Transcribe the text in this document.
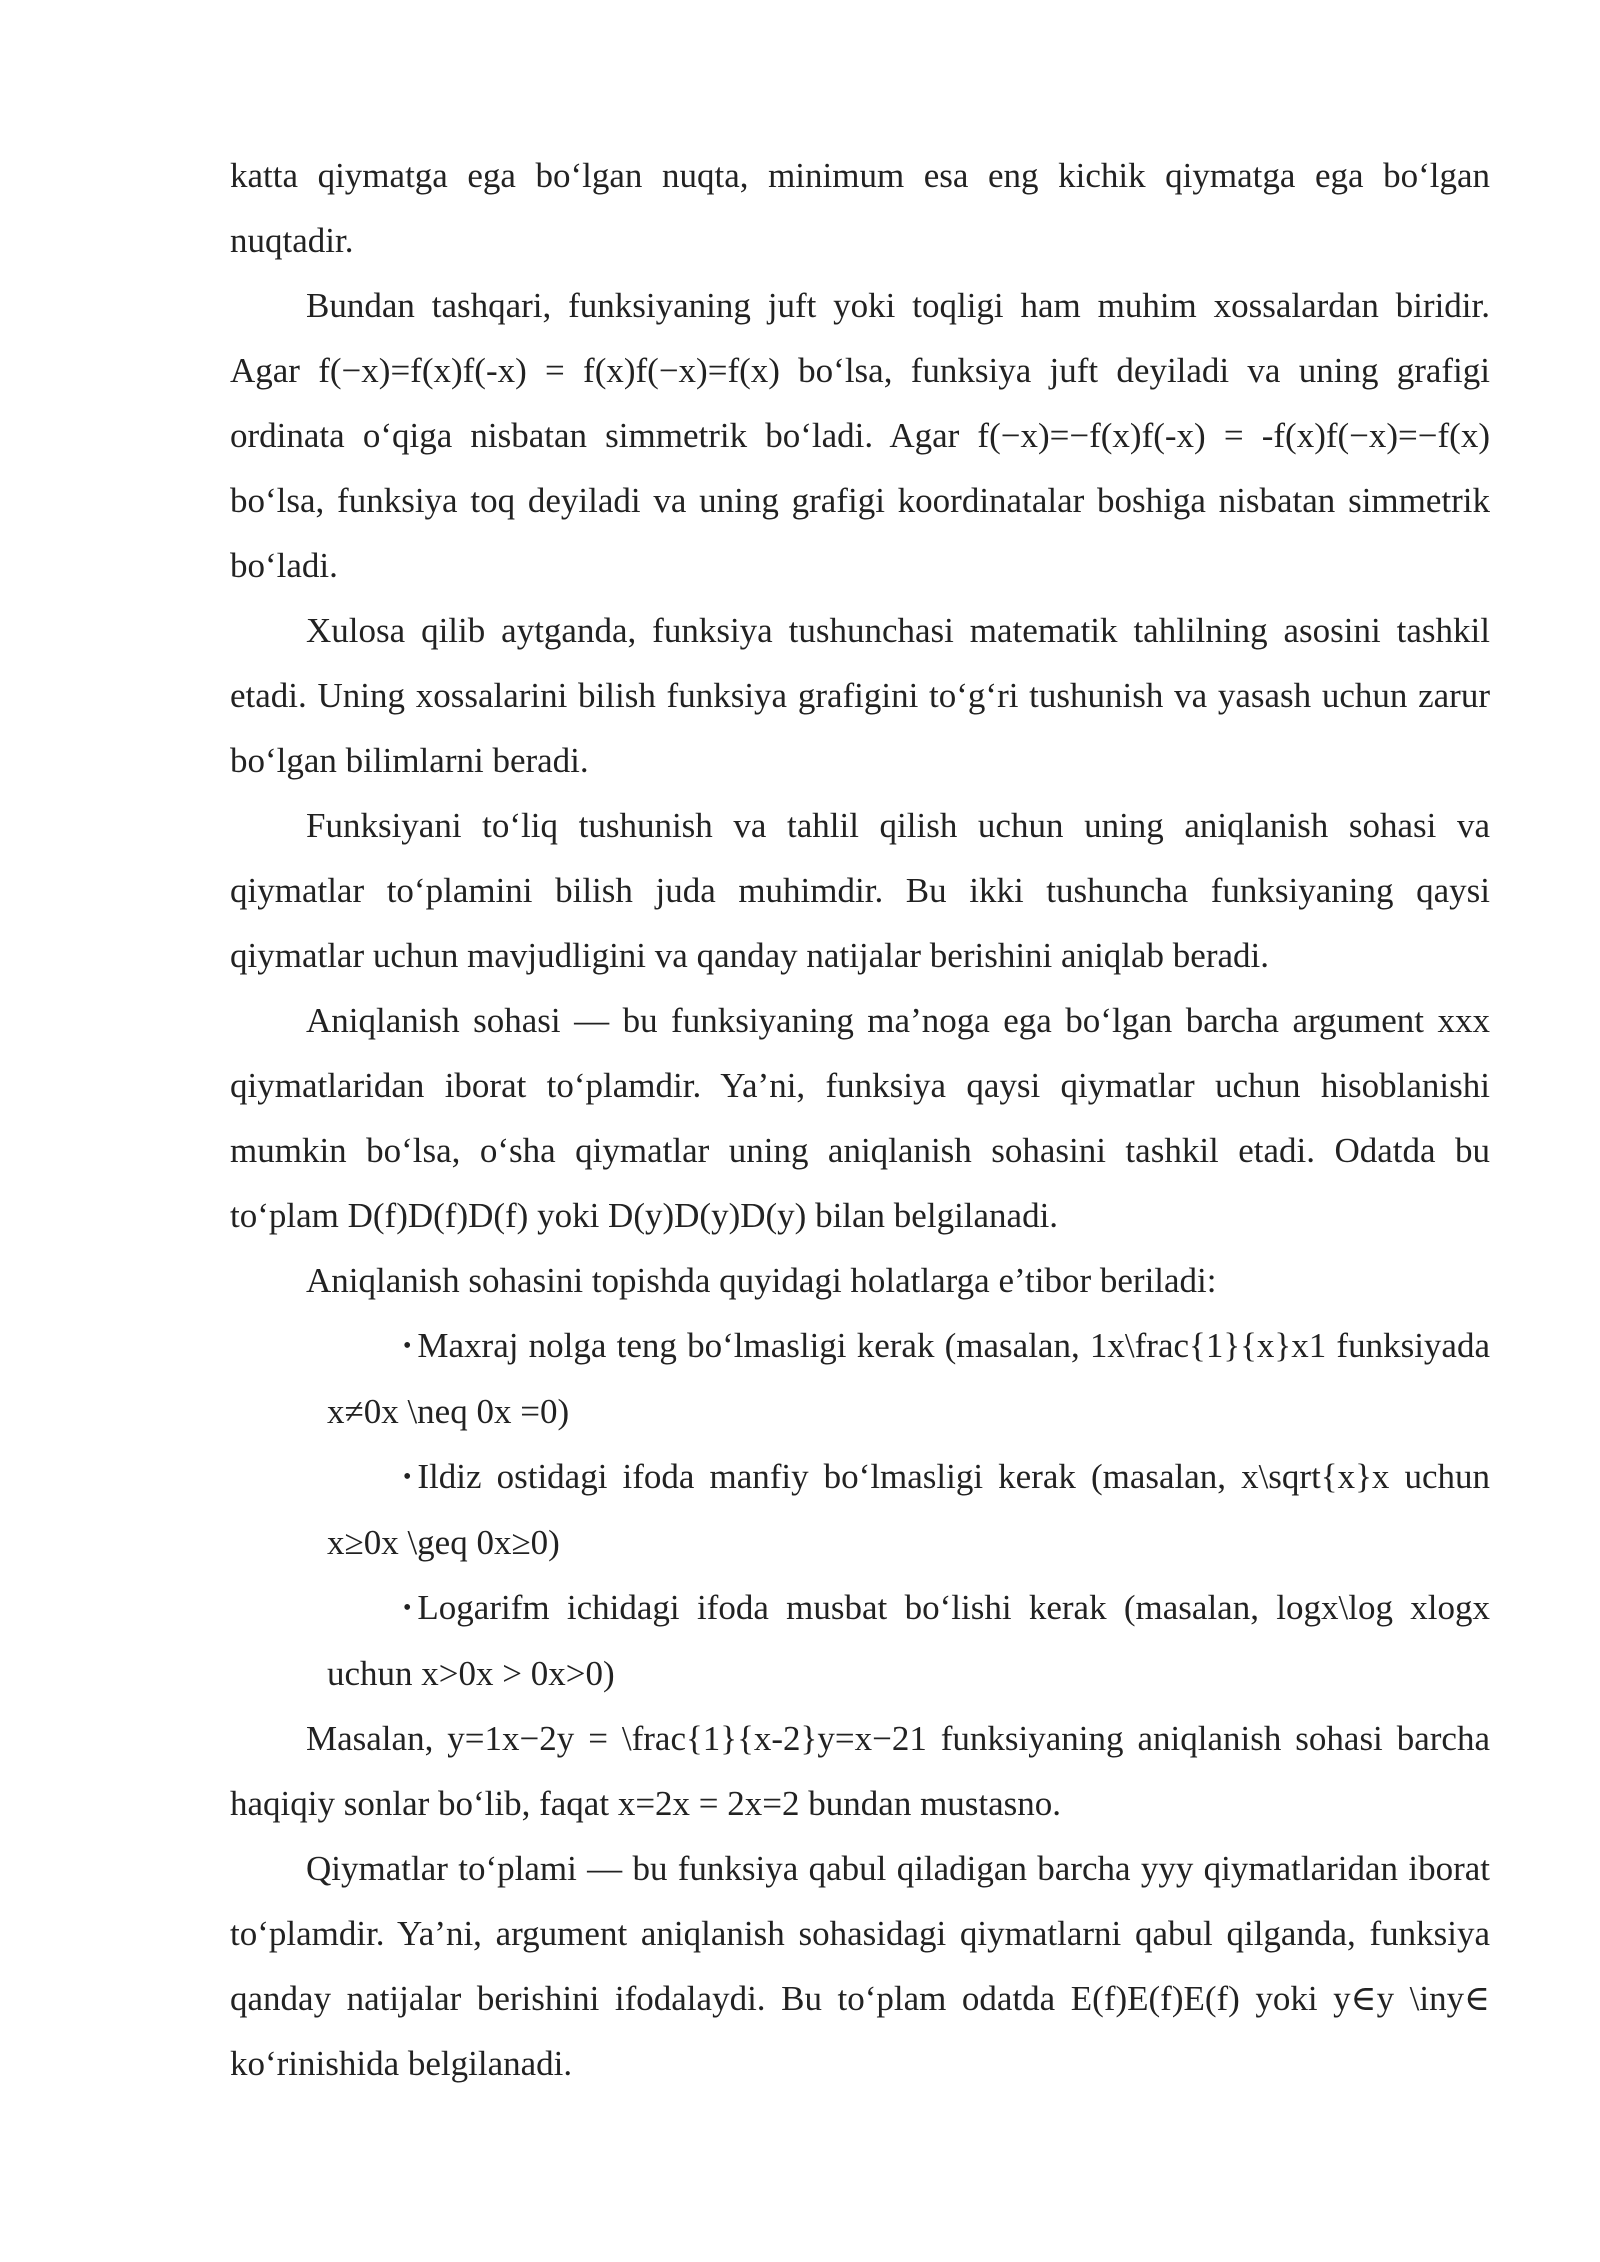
katta qiymatga ega bo‘lgan nuqta, minimum esa eng kichik qiymatga ega bo‘lgan nuqtadir.

Bundan tashqari, funksiyaning juft yoki toqligi ham muhim xossalardan biridir. Agar f(−x)=f(x)f(-x) = f(x)f(−x)=f(x) bo‘lsa, funksiya juft deyiladi va uning grafigi ordinata o‘qiga nisbatan simmetrik bo‘ladi. Agar f(−x)=−f(x)f(-x) = -f(x)f(−x)=−f(x) bo‘lsa, funksiya toq deyiladi va uning grafigi koordinatalar boshiga nisbatan simmetrik bo‘ladi.

Xulosa qilib aytganda, funksiya tushunchasi matematik tahlilning asosini tashkil etadi. Uning xossalarini bilish funksiya grafigini to‘g‘ri tushunish va yasash uchun zarur bo‘lgan bilimlarni beradi.

Funksiyani to‘liq tushunish va tahlil qilish uchun uning aniqlanish sohasi va qiymatlar to‘plamini bilish juda muhimdir. Bu ikki tushuncha funksiyaning qaysi qiymatlar uchun mavjudligini va qanday natijalar berishini aniqlab beradi.

Aniqlanish sohasi — bu funksiyaning ma’noga ega bo‘lgan barcha argument xxx qiymatlaridan iborat to‘plamdir. Ya’ni, funksiya qaysi qiymatlar uchun hisoblanishi mumkin bo‘lsa, o‘sha qiymatlar uning aniqlanish sohasini tashkil etadi. Odatda bu to‘plam D(f)D(f)D(f) yoki D(y)D(y)D(y) bilan belgilanadi.

Aniqlanish sohasini topishda quyidagi holatlarga e’tibor beriladi:

• Maxraj nolga teng bo‘lmasligi kerak (masalan, 1x\frac{1}{x}x1 funksiyada x≠0x \neq 0x =0)

• Ildiz ostidagi ifoda manfiy bo‘lmasligi kerak (masalan, x\sqrt{x}x uchun x≥0x \geq 0x≥0)

• Logarifm ichidagi ifoda musbat bo‘lishi kerak (masalan, logx\log xlogx uchun x>0x > 0x>0)

Masalan, y=1x−2y = \frac{1}{x-2}y=x−21 funksiyaning aniqlanish sohasi barcha haqiqiy sonlar bo‘lib, faqat x=2x = 2x=2 bundan mustasno.

Qiymatlar to‘plami — bu funksiya qabul qiladigan barcha yyy qiymatlaridan iborat to‘plamdir. Ya’ni, argument aniqlanish sohasidagi qiymatlarni qabul qilganda, funksiya qanday natijalar berishini ifodalaydi. Bu to‘plam odatda E(f)E(f)E(f) yoki y∈y \iny∈ ko‘rinishida belgilanadi.
